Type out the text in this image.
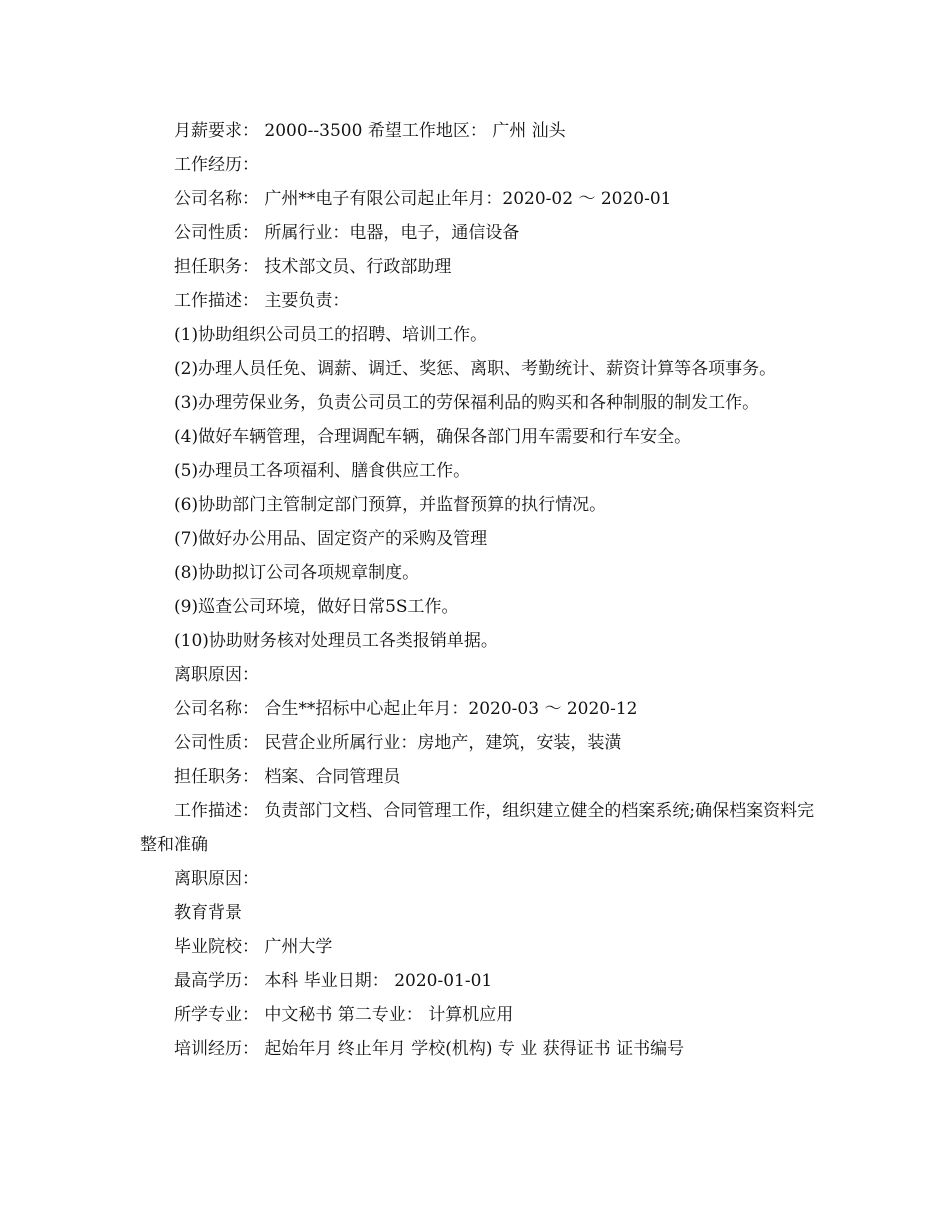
月薪要求： 2000--3500 希望工作地区： 广州 汕头

工作经历：

公司名称： 广州**电子有限公司起止年月：2020-02 ～ 2020-01

公司性质： 所属行业：电器，电子，通信设备

担任职务： 技术部文员、行政部助理

工作描述： 主要负责：

(1)协助组织公司员工的招聘、培训工作。

(2)办理人员任免、调薪、调迁、奖惩、离职、考勤统计、薪资计算等各项事务。

(3)办理劳保业务，负责公司员工的劳保福利品的购买和各种制服的制发工作。

(4)做好车辆管理，合理调配车辆，确保各部门用车需要和行车安全。

(5)办理员工各项福利、膳食供应工作。

(6)协助部门主管制定部门预算，并监督预算的执行情况。

(7)做好办公用品、固定资产的采购及管理

(8)协助拟订公司各项规章制度。

(9)巡查公司环境，做好日常5S工作。

(10)协助财务核对处理员工各类报销单据。

离职原因：

公司名称： 合生**招标中心起止年月：2020-03 ～ 2020-12

公司性质： 民营企业所属行业：房地产，建筑，安装，装潢

担任职务： 档案、合同管理员

工作描述： 负责部门文档、合同管理工作，组织建立健全的档案系统;确保档案资料完整和准确

离职原因：

教育背景

毕业院校： 广州大学

最高学历： 本科 毕业日期： 2020-01-01

所学专业： 中文秘书 第二专业： 计算机应用

培训经历： 起始年月 终止年月 学校(机构) 专 业 获得证书 证书编号
